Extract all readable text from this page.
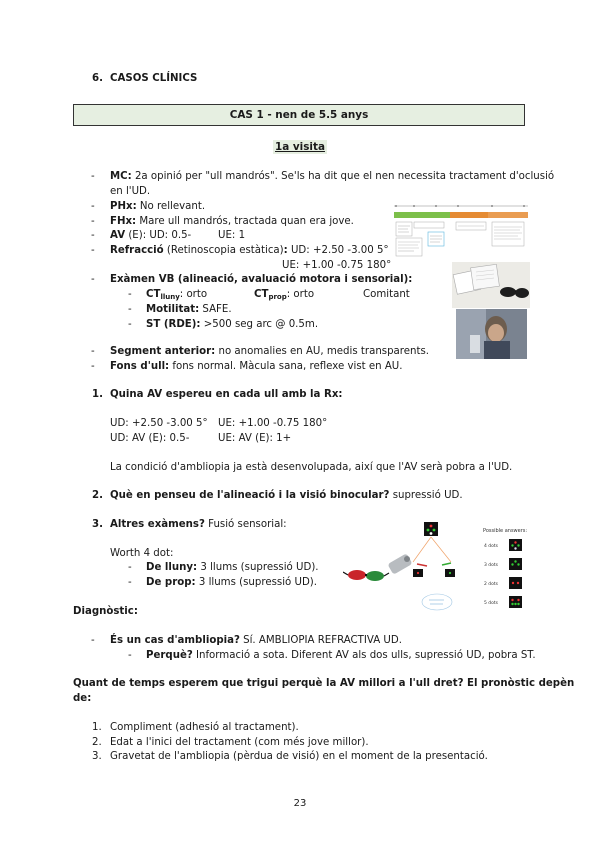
6. CASOS CLÍNICS
CAS 1 - nen de 5.5 anys
1a visita
- MC: 2a opinió per "ull mandrós". Se'ls ha dit que el nen necessita tractament d'oclusió
en l'UD.
- PHx: No rellevant.
- FHx: Mare ull mandrós, tractada quan era jove.
- AV (E): UD: 0.5-	UE: 1
- Refracció (Retinoscopia estàtica): UD: +2.50 -3.00 5°
UE: +1.00 -0.75 180°
- Exàmen VB (alineació, avaluació motora i sensorial):
- $CT_{lluny}$: orto	$CT_{prop}$: orto	Comitant
- Motilitat: SAFE.
- ST (RDE): >500 seg arc @ 0.5m.
- Segment anterior: no anomalies en AU, medis transparents.
- Fons d'ull: fons normal. Màcula sana, reflexe vist en AU.
1. Quina AV espereu en cada ull amb la Rx:
UD: +2.50 -3.00 5° UE: +1.00 -0.75 180°
UD: AV (E): 0.5-	UE: AV (E): 1+
La condició d'ambliopia ja està desenvolupada, així que l'AV serà pobra a l'UD.
2. Què en penseu de l'alineació i la visió binocular? supressió UD.
3. Altres exàmens? Fusió sensorial:
Worth 4 dot:
- De lluny: 3 llums (supressió UD).
- De prop: 3 llums (supressió UD).
Possible answers:
4 dots
3 dots
2 dots
5 dots
Diagnòstic:
- És un cas d'ambliopia? Sí. AMBLIOPIA REFRACTIVA UD.
- Perquè? Informació a sota. Diferent AV als dos ulls, supressió UD, pobra ST.
Quant de temps esperem que trigui perquè la AV millori a l'ull dret? El pronòstic depèn
de:
1. Compliment (adhesió al tractament).
2. Edat a l'inici del tractament (com més jove millor).
3. Gravetat de l'ambliopia (pèrdua de visió) en el moment de la presentació.
23
